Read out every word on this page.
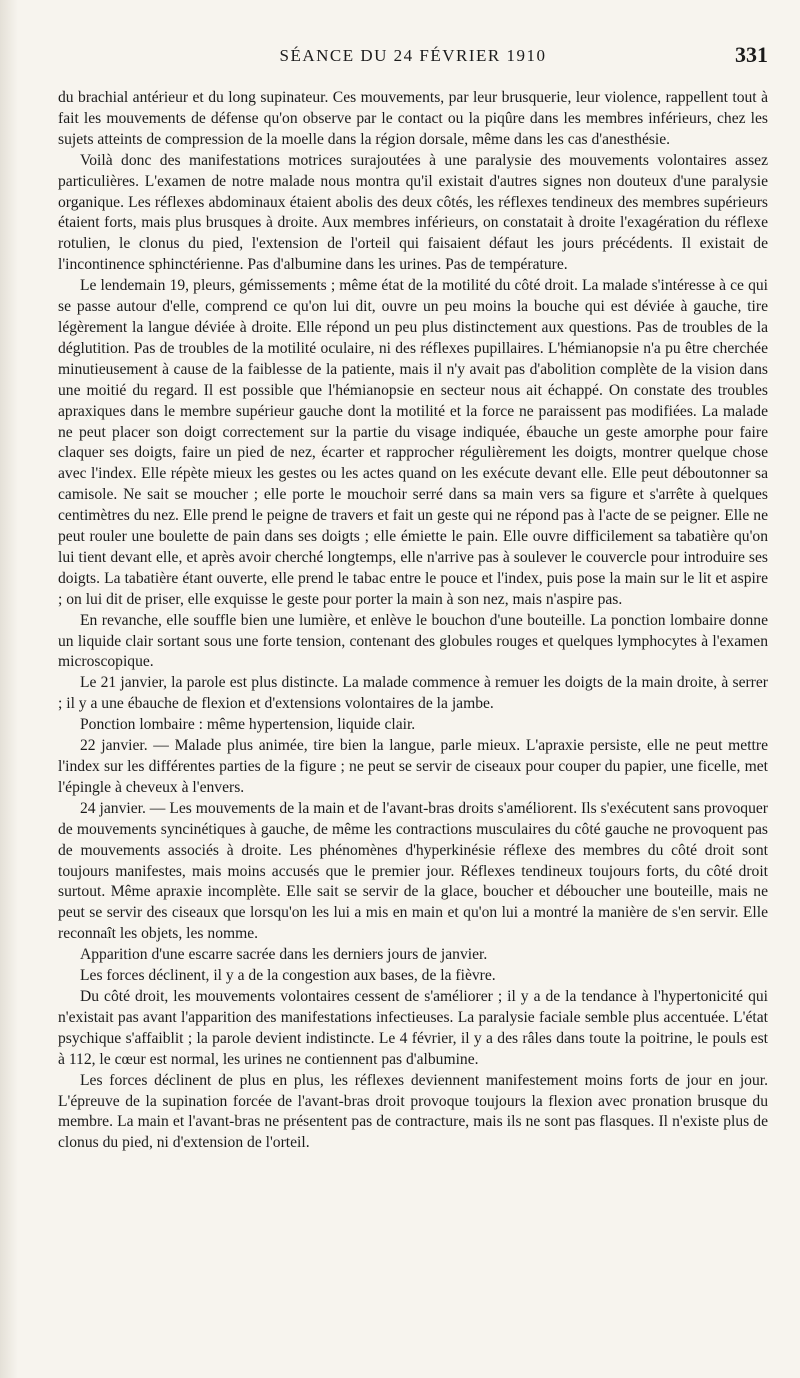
SÉANCE DU 24 FÉVRIER 1910	331

du brachial antérieur et du long supinateur. Ces mouvements, par leur brusquerie, leur violence, rappellent tout à fait les mouvements de défense qu'on observe par le contact ou la piqûre dans les membres inférieurs, chez les sujets atteints de compression de la moelle dans la région dorsale, même dans les cas d'anesthésie.

Voilà donc des manifestations motrices surajoutées à une paralysie des mouvements volontaires assez particulières. L'examen de notre malade nous montra qu'il existait d'autres signes non douteux d'une paralysie organique. Les réflexes abdominaux étaient abolis des deux côtés, les réflexes tendineux des membres supérieurs étaient forts, mais plus brusques à droite. Aux membres inférieurs, on constatait à droite l'exagération du réflexe rotulien, le clonus du pied, l'extension de l'orteil qui faisaient défaut les jours précédents. Il existait de l'incontinence sphinctérienne. Pas d'albumine dans les urines. Pas de température.

Le lendemain 19, pleurs, gémissements ; même état de la motilité du côté droit. La malade s'intéresse à ce qui se passe autour d'elle, comprend ce qu'on lui dit, ouvre un peu moins la bouche qui est déviée à gauche, tire légèrement la langue déviée à droite. Elle répond un peu plus distinctement aux questions. Pas de troubles de la déglutition. Pas de troubles de la motilité oculaire, ni des réflexes pupillaires. L'hémianopsie n'a pu être cherchée minutieusement à cause de la faiblesse de la patiente, mais il n'y avait pas d'abolition complète de la vision dans une moitié du regard. Il est possible que l'hémianopsie en secteur nous ait échappé. On constate des troubles apraxiques dans le membre supérieur gauche dont la motilité et la force ne paraissent pas modifiées. La malade ne peut placer son doigt correctement sur la partie du visage indiquée, ébauche un geste amorphe pour faire claquer ses doigts, faire un pied de nez, écarter et rapprocher régulièrement les doigts, montrer quelque chose avec l'index. Elle répète mieux les gestes ou les actes quand on les exécute devant elle. Elle peut déboutonner sa camisole. Ne sait se moucher ; elle porte le mouchoir serré dans sa main vers sa figure et s'arrête à quelques centimètres du nez. Elle prend le peigne de travers et fait un geste qui ne répond pas à l'acte de se peigner. Elle ne peut rouler une boulette de pain dans ses doigts ; elle émiette le pain. Elle ouvre difficilement sa tabatière qu'on lui tient devant elle, et après avoir cherché longtemps, elle n'arrive pas à soulever le couvercle pour introduire ses doigts. La tabatière étant ouverte, elle prend le tabac entre le pouce et l'index, puis pose la main sur le lit et aspire ; on lui dit de priser, elle exquisse le geste pour porter la main à son nez, mais n'aspire pas.

En revanche, elle souffle bien une lumière, et enlève le bouchon d'une bouteille. La ponction lombaire donne un liquide clair sortant sous une forte tension, contenant des globules rouges et quelques lymphocytes à l'examen microscopique.

Le 21 janvier, la parole est plus distincte. La malade commence à remuer les doigts de la main droite, à serrer ; il y a une ébauche de flexion et d'extensions volontaires de la jambe.

Ponction lombaire : même hypertension, liquide clair.

22 janvier. — Malade plus animée, tire bien la langue, parle mieux. L'apraxie persiste, elle ne peut mettre l'index sur les différentes parties de la figure ; ne peut se servir de ciseaux pour couper du papier, une ficelle, met l'épingle à cheveux à l'envers.

24 janvier. — Les mouvements de la main et de l'avant-bras droits s'améliorent. Ils s'exécutent sans provoquer de mouvements syncinétiques à gauche, de même les contractions musculaires du côté gauche ne provoquent pas de mouvements associés à droite. Les phénomènes d'hyperkinésie réflexe des membres du côté droit sont toujours manifestes, mais moins accusés que le premier jour. Réflexes tendineux toujours forts, du côté droit surtout. Même apraxie incomplète. Elle sait se servir de la glace, boucher et déboucher une bouteille, mais ne peut se servir des ciseaux que lorsqu'on les lui a mis en main et qu'on lui a montré la manière de s'en servir. Elle reconnaît les objets, les nomme.

Apparition d'une escarre sacrée dans les derniers jours de janvier.

Les forces déclinent, il y a de la congestion aux bases, de la fièvre.

Du côté droit, les mouvements volontaires cessent de s'améliorer ; il y a de la tendance à l'hypertonicité qui n'existait pas avant l'apparition des manifestations infectieuses. La paralysie faciale semble plus accentuée. L'état psychique s'affaiblit ; la parole devient indistincte. Le 4 février, il y a des râles dans toute la poitrine, le pouls est à 112, le cœur est normal, les urines ne contiennent pas d'albumine.

Les forces déclinent de plus en plus, les réflexes deviennent manifestement moins forts de jour en jour. L'épreuve de la supination forcée de l'avant-bras droit provoque toujours la flexion avec pronation brusque du membre. La main et l'avant-bras ne présentent pas de contracture, mais ils ne sont pas flasques. Il n'existe plus de clonus du pied, ni d'extension de l'orteil.
